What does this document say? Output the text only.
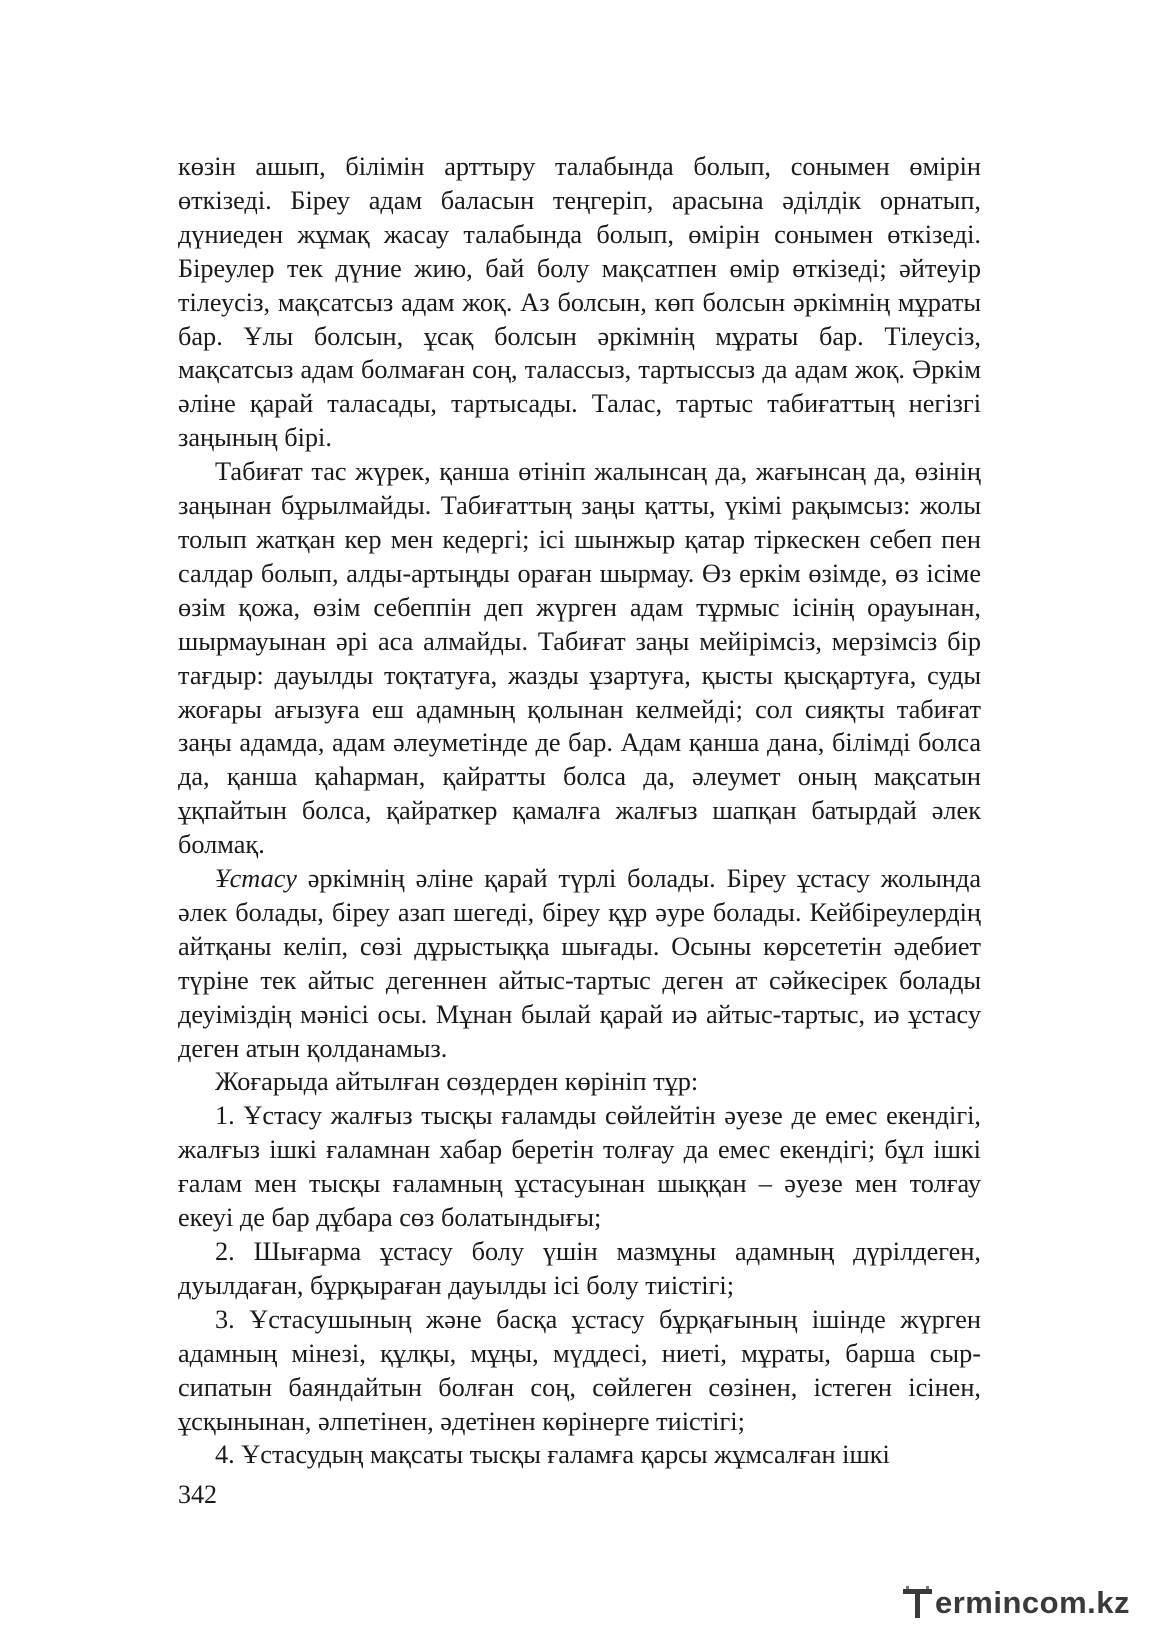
көзін ашып, білімін арттыру талабында болып, сонымен өмірін өткізеді. Біреу адам баласын теңгеріп, арасына әділдік орнатып, дүниеден жұмақ жасау талабында болып, өмірін сонымен өткізеді. Біреулер тек дүние жию, бай болу мақсатпен өмір өткізеді; әйтеуір тілеусіз, мақсатсыз адам жоқ. Аз болсын, көп болсын әркімнің мұраты бар. Ұлы болсын, ұсақ болсын әркімнің мұраты бар. Тілеусіз, мақсатсыз адам болмаған соң, талассыз, тартыссыз да адам жоқ. Әркім әліне қарай таласады, тартысады. Талас, тартыс табиғаттың негізгі заңының бірі.

Табиғат тас жүрек, қанша өтініп жалынсаң да, жағынсаң да, өзінің заңынан бұрылмайды. Табиғаттың заңы қатты, үкімі рақымсыз: жолы толып жатқан кер мен кедергі; ісі шынжыр қатар тіркескен себеп пен салдар болып, алды-артыңды ораған шырмау. Өз еркім өзімде, өз ісіме өзім қожа, өзім себеппін деп жүрген адам тұрмыс ісінің орауынан, шырмауынан әрі аса алмайды. Табиғат заңы мейірімсіз, мерзімсіз бір тағдыр: дауылды тоқтатуға, жазды ұзартуға, қысты қысқартуға, суды жоғары ағызуға еш адамның қолынан келмейді; сол сияқты табиғат заңы адамда, адам әлеуметінде де бар. Адам қанша дана, білімді болса да, қанша қаһарман, қайратты болса да, әлеумет оның мақсатын ұқпайтын болса, қайраткер қамалға жалғыз шапқан батырдай әлек болмақ.

Ұстасу әркімнің әліне қарай түрлі болады. Біреу ұстасу жолында әлек болады, біреу азап шегеді, біреу құр әуре болады. Кейбіреулердің айтқаны келіп, сөзі дұрыстыққа шығады. Осыны көрсететін әдебиет түріне тек айтыс дегеннен айтыс-тартыс деген ат сәйкесірек болады деуіміздің мәнісі осы. Мұнан былай қарай иә айтыс-тартыс, иә ұстасу деген атын қолданамыз.

Жоғарыда айтылған сөздерден көрініп тұр:

1. Ұстасу жалғыз тысқы ғаламды сөйлейтін әуезе де емес екендігі, жалғыз ішкі ғаламнан хабар беретін толғау да емес екендігі; бұл ішкі ғалам мен тысқы ғаламның ұстасуынан шыққан – әуезе мен толғау екеуі де бар дұбара сөз болатындығы;

2. Шығарма ұстасу болу үшін мазмұны адамның дүрілдеген, дуылдаған, бұрқыраған дауылды ісі болу тиістігі;

3. Ұстасушының және басқа ұстасу бұрқағының ішінде жүрген адамның мінезі, құлқы, мұңы, мүддесі, ниеті, мұраты, барша сыр-сипатын баяндайтын болған соң, сөйлеген сөзінен, істеген ісінен, ұсқынынан, әлпетінен, әдетінен көрінерге тиістігі;

4. Ұстасудың мақсаты тысқы ғаламға қарсы жұмсалған ішкі

342
ermincom.kz
